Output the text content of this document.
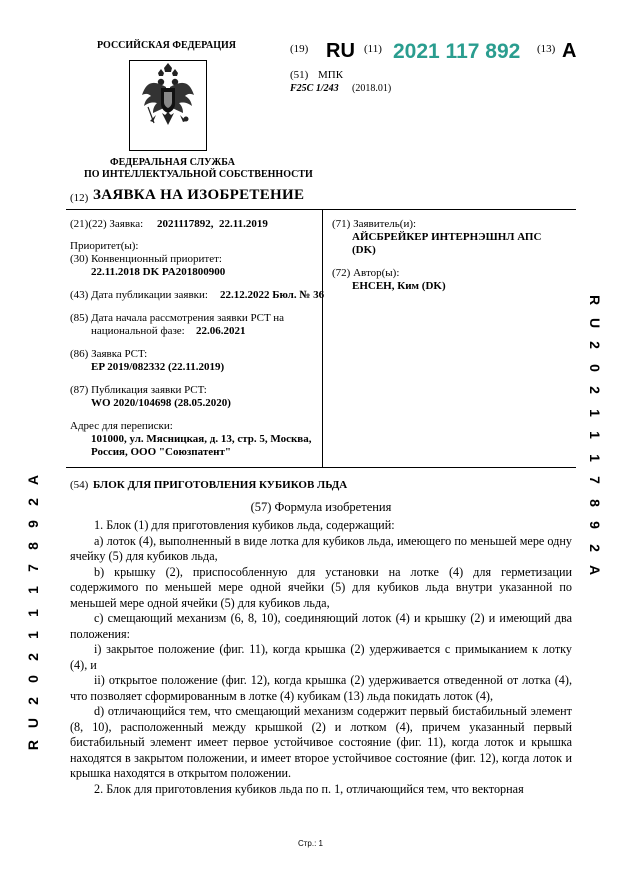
РОССИЙСКАЯ ФЕДЕРАЦИЯ
ФЕДЕРАЛЬНАЯ СЛУЖБА
ПО ИНТЕЛЛЕКТУАЛЬНОЙ СОБСТВЕННОСТИ
(19) RU (11) 2021 117 892 (13) A
(51) МПК
F25C 1/243 (2018.01)
(12) ЗАЯВКА НА ИЗОБРЕТЕНИЕ
(21)(22) Заявка: 2021117892,  22.11.2019
Приоритет(ы):
(30) Конвенционный приоритет:
22.11.2018 DK PA201800900
(43) Дата публикации заявки: 22.12.2022 Бюл. № 36
(85) Дата начала рассмотрения заявки PCT на
национальной фазе: 22.06.2021
(86) Заявка PCT:
EP 2019/082332 (22.11.2019)
(87) Публикация заявки PCT:
WO 2020/104698 (28.05.2020)
Адрес для переписки:
101000, ул. Мясницкая, д. 13, стр. 5, Москва,
Россия, ООО "Союзпатент"
(71) Заявитель(и):
АЙСБРЕЙКЕР ИНТЕРНЭШНЛ АПС
(DK)
(72) Автор(ы):
ЕНСЕН, Ким (DK)
(54) БЛОК ДЛЯ ПРИГОТОВЛЕНИЯ КУБИКОВ ЛЬДА
(57) Формула изобретения

1. Блок (1) для приготовления кубиков льда, содержащий:

a) лоток (4), выполненный в виде лотка для кубиков льда, имеющего по меньшей мере одну ячейку (5) для кубиков льда,

b) крышку (2), приспособленную для установки на лотке (4) для герметизации содержимого по меньшей мере одной ячейки (5) для кубиков льда внутри указанной по меньшей мере одной ячейки (5) для кубиков льда,

c) смещающий механизм (6, 8, 10), соединяющий лоток (4) и крышку (2) и имеющий два положения:

i) закрытое положение (фиг. 11), когда крышка (2) удерживается с примыканием к лотку (4), и

ii) открытое положение (фиг. 12), когда крышка (2) удерживается отведенной от лотка (4), что позволяет сформированным в лотке (4) кубикам (13) льда покидать лоток (4),

d) отличающийся тем, что смещающий механизм содержит первый бистабильный элемент (8, 10), расположенный между крышкой (2) и лотком (4), причем указанный первый бистабильный элемент имеет первое устойчивое состояние (фиг. 11), когда лоток и крышка находятся в закрытом положении, и имеет второе устойчивое состояние (фиг. 12), когда лоток и крышка находятся в открытом положении.

2. Блок для приготовления кубиков льда по п. 1, отличающийся тем, что векторная

R
U
2
0
2
1
1
1
7
8
9
2
A
R
U
2
0
2
1
1
1
7
8
9
2
A
Стр.: 1
